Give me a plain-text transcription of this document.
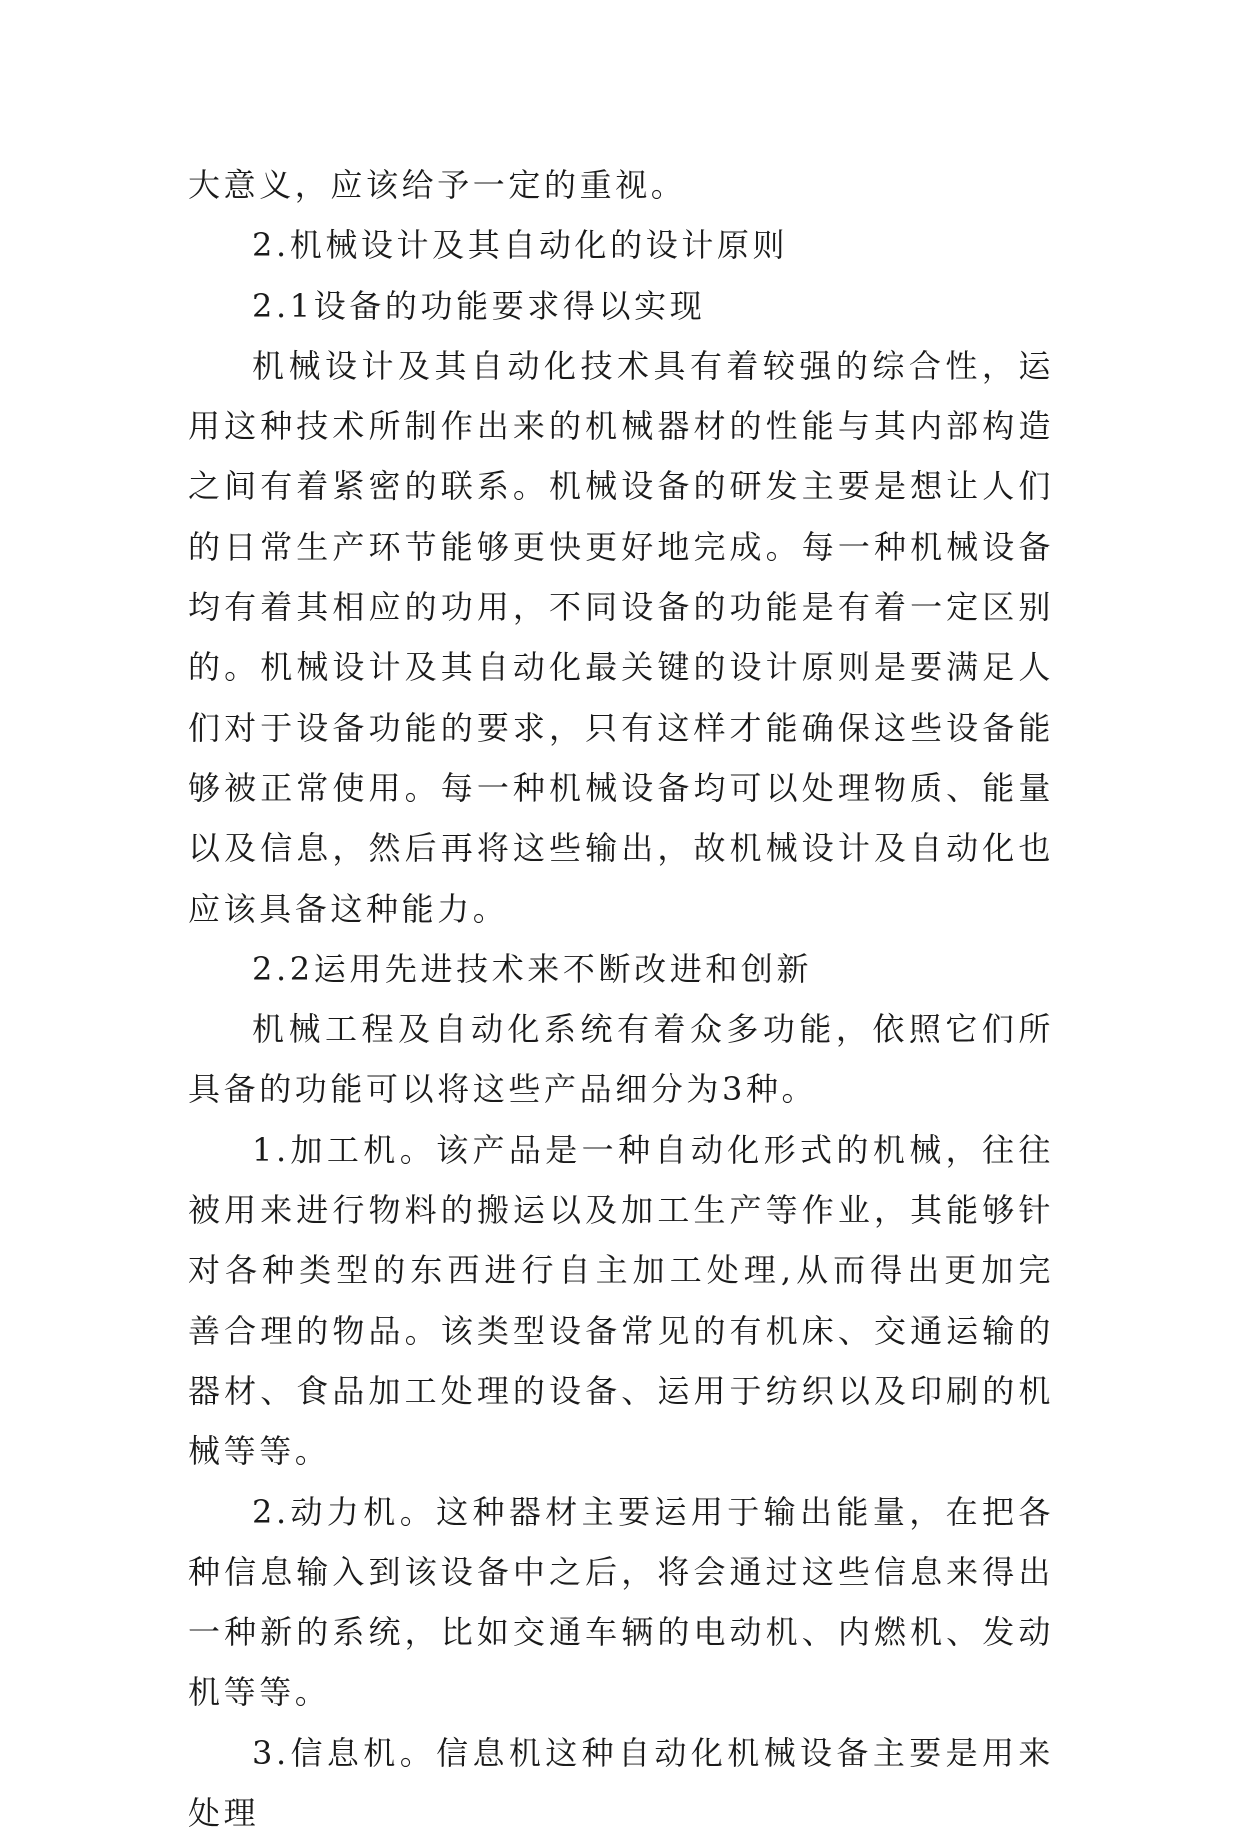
大意义，应该给予一定的重视。

2.机械设计及其自动化的设计原则

2.1设备的功能要求得以实现

机械设计及其自动化技术具有着较强的综合性，运用这种技术所制作出来的机械器材的性能与其内部构造之间有着紧密的联系。机械设备的研发主要是想让人们的日常生产环节能够更快更好地完成。每一种机械设备均有着其相应的功用，不同设备的功能是有着一定区别的。机械设计及其自动化最关键的设计原则是要满足人们对于设备功能的要求，只有这样才能确保这些设备能够被正常使用。每一种机械设备均可以处理物质、能量以及信息，然后再将这些输出，故机械设计及自动化也应该具备这种能力。

2.2运用先进技术来不断改进和创新

机械工程及自动化系统有着众多功能，依照它们所具备的功能可以将这些产品细分为3种。

1.加工机。该产品是一种自动化形式的机械，往往被用来进行物料的搬运以及加工生产等作业，其能够针对各种类型的东西进行自主加工处理,从而得出更加完善合理的物品。该类型设备常见的有机床、交通运输的器材、食品加工处理的设备、运用于纺织以及印刷的机械等等。

2.动力机。这种器材主要运用于输出能量，在把各种信息输入到该设备中之后，将会通过这些信息来得出一种新的系统，比如交通车辆的电动机、内燃机、发动机等等。

3.信息机。信息机这种自动化机械设备主要是用来处理
